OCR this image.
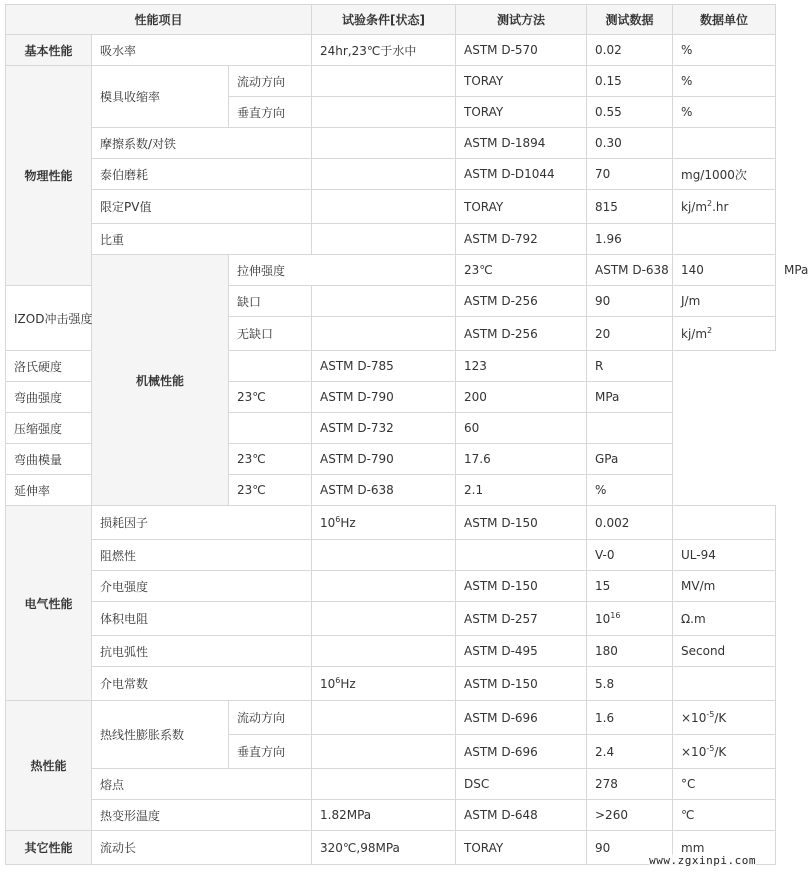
性能项目			试验条件[状态]	测试方法	测试数据	数据单位	
基本性能	吸水率		24hr,23℃于水中	ASTM D-570	0.02	%	
物理性能	模具收缩率	流动方向		TORAY	0.15	%	
		垂直方向		TORAY	0.55	%	
	摩擦系数/对铁			ASTM D-1894	0.30		
	泰伯磨耗			ASTM D-D1044	70	mg/1000次	
	限定PV值			TORAY	815	$kj/m^2.hr$	
	比重			ASTM D-792	1.96		
	机械性能	拉伸强度		23℃	ASTM D-638	140	MPa
IZOD冲击强度		缺口		ASTM D-256	90	J/m	
		无缺口		ASTM D-256	20	$kj/m^2$
洛氏硬度			ASTM D-785	123	R		
弯曲强度		23℃	ASTM D-790	200	MPa		
压缩强度			ASTM D-732	60			
弯曲模量		23℃	ASTM D-790	17.6	GPa		
延伸率		23℃	ASTM D-638	2.1	%		
电气性能	损耗因子		$10^6Hz$	ASTM D-150	0.002		
	阻燃性				V-0	UL-94	
	介电强度			ASTM D-150	15	MV/m	
	体积电阻			ASTM D-257	$10^{16}$	Ω.m	
	抗电弧性			ASTM D-495	180	Second	
	介电常数		$10^6Hz$	ASTM D-150	5.8		
热性能	热线性膨胀系数	流动方向		ASTM D-696	1.6	$\times 10^{-5}/K$	
		垂直方向		ASTM D-696	2.4	$\times 10^{-5}/K$	
	熔点			DSC	278	°C	
	热变形温度		1.82MPa	ASTM D-648	>260	℃	
其它性能	流动长		320℃,98MPa	TORAY	90	mm	
www.zgxinpi.com
